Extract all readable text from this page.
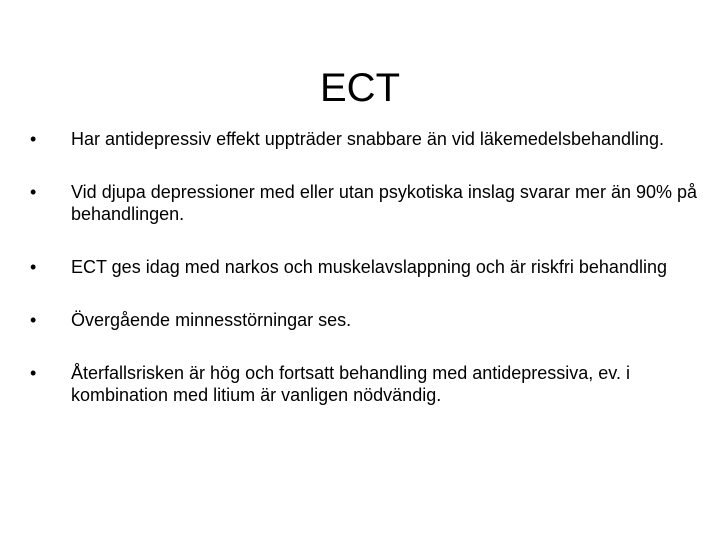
ECT
•	Har antidepressiv effekt uppträder snabbare än vid läkemedelsbehandling.
•	Vid djupa depressioner med eller utan psykotiska inslag svarar mer än 90% på behandlingen.
•	ECT ges idag med narkos och muskelavslappning och är riskfri behandling
•	Övergående minnesstörningar ses.
•	Återfallsrisken är hög och fortsatt behandling med antidepressiva, ev. i kombination med litium är vanligen nödvändig.
